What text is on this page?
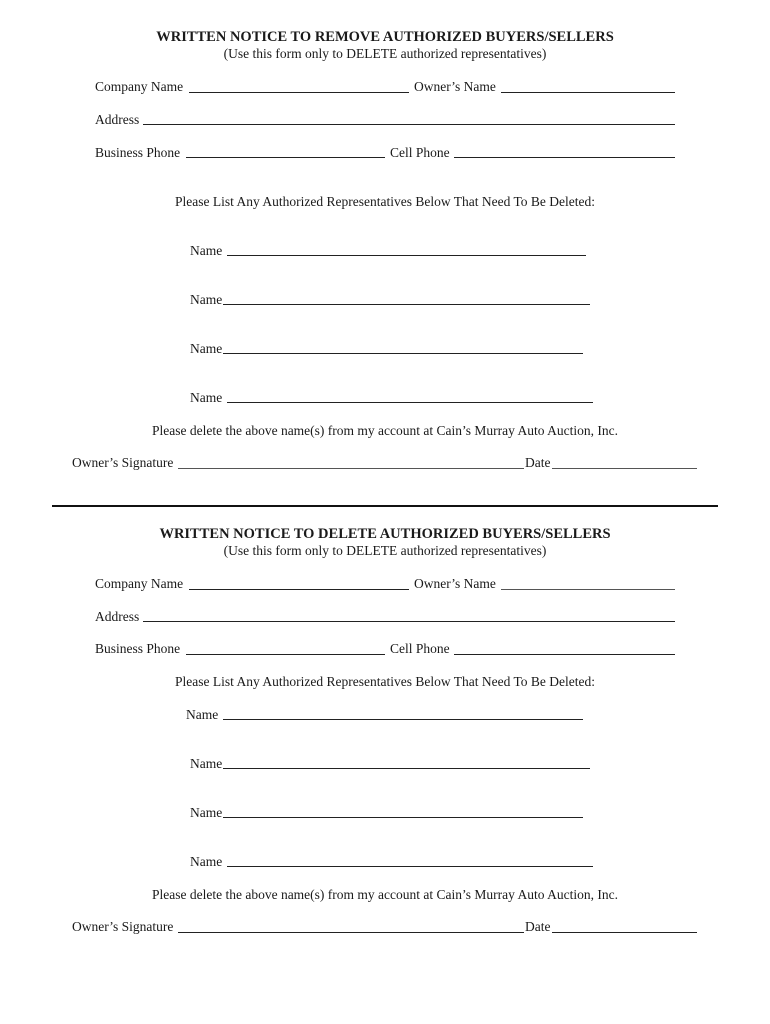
WRITTEN NOTICE TO REMOVE AUTHORIZED BUYERS/SELLERS
(Use this form only to DELETE authorized representatives)
Company Name	Owner’s Name
Address
Business Phone	Cell Phone
Please List Any Authorized Representatives Below That Need To Be Deleted:
Name
Name
Name
Name
Please delete the above name(s) from my account at Cain’s Murray Auto Auction, Inc.
Owner’s Signature	Date
WRITTEN NOTICE TO DELETE AUTHORIZED BUYERS/SELLERS
(Use this form only to DELETE authorized representatives)
Company Name	Owner’s Name
Address
Business Phone	Cell Phone
Please List Any Authorized Representatives Below That Need To Be Deleted:
Name
Name
Name
Name
Please delete the above name(s) from my account at Cain’s Murray Auto Auction, Inc.
Owner’s Signature	Date
